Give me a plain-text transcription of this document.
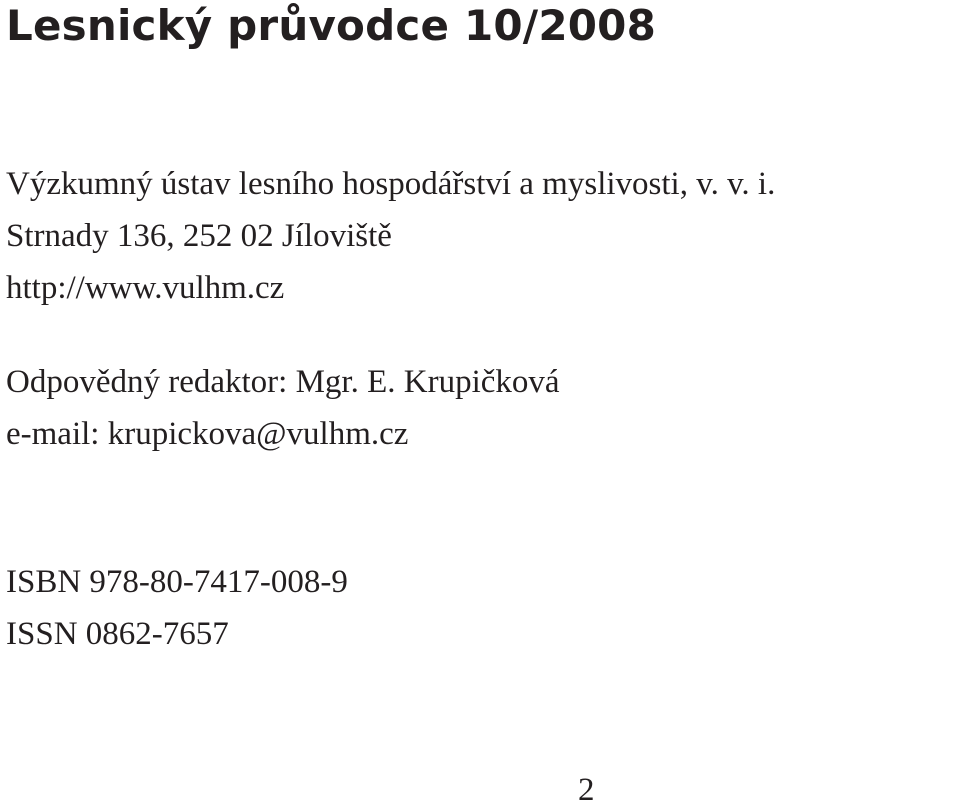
Lesnický průvodce 10/2008
Výzkumný ústav lesního hospodářství a myslivosti, v. v. i.
Strnady 136, 252 02 Jíloviště
http://www.vulhm.cz
Odpovědný redaktor: Mgr. E. Krupičková
e-mail: krupickova@vulhm.cz
ISBN 978-80-7417-008-9
ISSN 0862-7657
2
